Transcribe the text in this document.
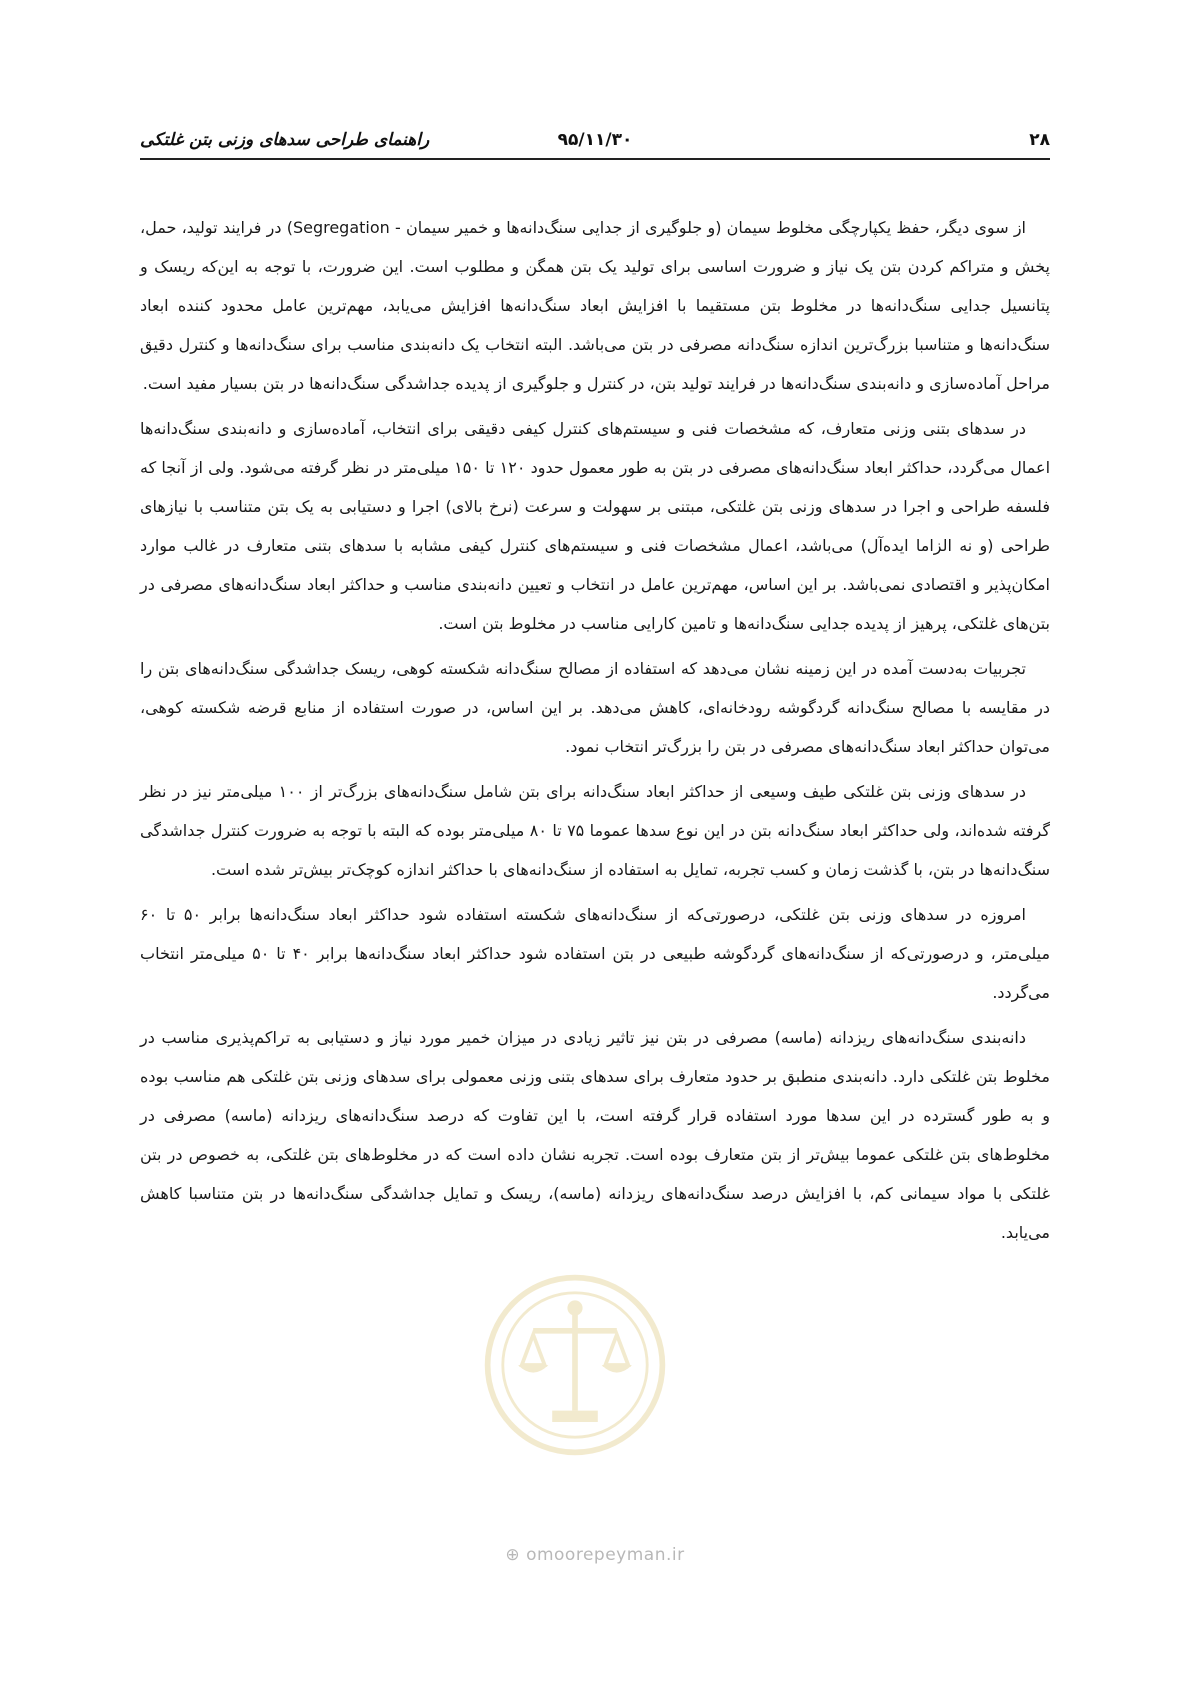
۲۸
۹۵/۱۱/۳۰
راهنمای طراحی سدهای وزنی بتن غلتکی

از سوی دیگر، حفظ یکپارچگی مخلوط سیمان (و جلوگیری از جدایی سنگ‌دانه‌ها و خمیر سیمان - Segregation) در فرایند تولید، حمل، پخش و متراکم کردن بتن یک نیاز و ضرورت اساسی برای تولید یک بتن همگن و مطلوب است. این ضرورت، با توجه به این‌که ریسک و پتانسیل جدایی سنگ‌دانه‌ها در مخلوط بتن مستقیما با افزایش ابعاد سنگ‌دانه‌ها افزایش می‌یابد، مهم‌ترین عامل محدود کننده ابعاد سنگ‌دانه‌ها و متناسبا بزرگ‌ترین اندازه سنگ‌دانه مصرفی در بتن می‌باشد. البته انتخاب یک دانه‌بندی مناسب برای سنگ‌دانه‌ها و کنترل دقیق مراحل آماده‌سازی و دانه‌بندی سنگ‌دانه‌ها در فرایند تولید بتن، در کنترل و جلوگیری از پدیده جداشدگی سنگ‌دانه‌ها در بتن بسیار مفید است.

در سدهای بتنی وزنی متعارف، که مشخصات فنی و سیستم‌های کنترل کیفی دقیقی برای انتخاب، آماده‌سازی و دانه‌بندی سنگ‌دانه‌ها اعمال می‌گردد، حداکثر ابعاد سنگ‌دانه‌های مصرفی در بتن به طور معمول حدود ۱۲۰ تا ۱۵۰ میلی‌متر در نظر گرفته می‌شود. ولی از آنجا که فلسفه طراحی و اجرا در سدهای وزنی بتن غلتکی، مبتنی بر سهولت و سرعت (نرخ بالای) اجرا و دستیابی به یک بتن متناسب با نیازهای طراحی (و نه الزاما ایده‌آل) می‌باشد، اعمال مشخصات فنی و سیستم‌های کنترل کیفی مشابه با سدهای بتنی متعارف در غالب موارد امکان‌پذیر و اقتصادی نمی‌باشد. بر این اساس، مهم‌ترین عامل در انتخاب و تعیین دانه‌بندی مناسب و حداکثر ابعاد سنگ‌دانه‌های مصرفی در بتن‌های غلتکی، پرهیز از پدیده جدایی سنگ‌دانه‌ها و تامین کارایی مناسب در مخلوط بتن است.

تجربیات به‌دست آمده در این زمینه نشان می‌دهد که استفاده از مصالح سنگ‌دانه شکسته کوهی، ریسک جداشدگی سنگ‌دانه‌های بتن را در مقایسه با مصالح سنگ‌دانه گردگوشه رودخانه‌ای، کاهش می‌دهد. بر این اساس، در صورت استفاده از منابع قرضه شکسته کوهی، می‌توان حداکثر ابعاد سنگ‌دانه‌های مصرفی در بتن را بزرگ‌تر انتخاب نمود.

در سدهای وزنی بتن غلتکی طیف وسیعی از حداکثر ابعاد سنگ‌دانه برای بتن شامل سنگ‌دانه‌های بزرگ‌تر از ۱۰۰ میلی‌متر نیز در نظر گرفته شده‌اند، ولی حداکثر ابعاد سنگ‌دانه بتن در این نوع سدها عموما ۷۵ تا ۸۰ میلی‌متر بوده که البته با توجه به ضرورت کنترل جداشدگی سنگ‌دانه‌ها در بتن، با گذشت زمان و کسب تجربه، تمایل به استفاده از سنگ‌دانه‌های با حداکثر اندازه کوچک‌تر بیش‌تر شده است.

امروزه در سدهای وزنی بتن غلتکی، درصورتی‌که از سنگ‌دانه‌های شکسته استفاده شود حداکثر ابعاد سنگ‌دانه‌ها برابر ۵۰ تا ۶۰ میلی‌متر، و درصورتی‌که از سنگ‌دانه‌های گردگوشه طبیعی در بتن استفاده شود حداکثر ابعاد سنگ‌دانه‌ها برابر ۴۰ تا ۵۰ میلی‌متر انتخاب می‌گردد.

دانه‌بندی سنگ‌دانه‌های ریزدانه (ماسه) مصرفی در بتن نیز تاثیر زیادی در میزان خمیر مورد نیاز و دستیابی به تراکم‌پذیری مناسب در مخلوط بتن غلتکی دارد. دانه‌بندی منطبق بر حدود متعارف برای سدهای بتنی وزنی معمولی برای سدهای وزنی بتن غلتکی هم مناسب بوده و به طور گسترده در این سدها مورد استفاده قرار گرفته است، با این تفاوت که درصد سنگ‌دانه‌های ریزدانه (ماسه) مصرفی در مخلوط‌های بتن غلتکی عموما بیش‌تر از بتن متعارف بوده است. تجربه نشان داده است که در مخلوط‌های بتن غلتکی، به خصوص در بتن غلتکی با مواد سیمانی کم، با افزایش درصد سنگ‌دانه‌های ریزدانه (ماسه)، ریسک و تمایل جداشدگی سنگ‌دانه‌ها در بتن متناسبا کاهش می‌یابد.

⊕ omoorepeyman.ir
